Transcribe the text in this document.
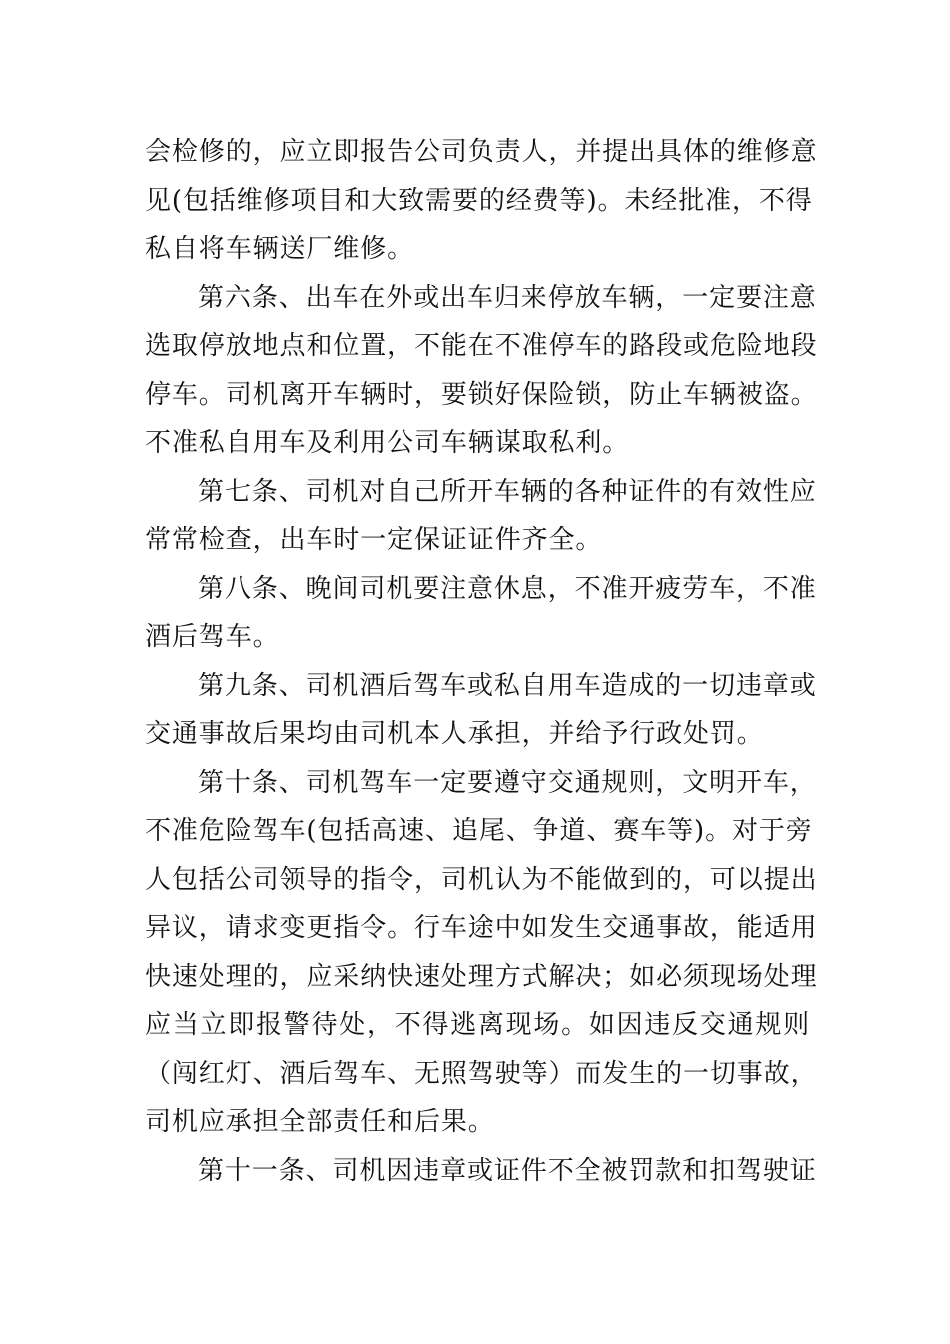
会检修的，应立即报告公司负责人，并提出具体的维修意
见(包括维修项目和大致需要的经费等)。未经批准，不得
私自将车辆送厂维修。
第六条、出车在外或出车归来停放车辆，一定要注意
选取停放地点和位置，不能在不准停车的路段或危险地段
停车。司机离开车辆时，要锁好保险锁，防止车辆被盗。
不准私自用车及利用公司车辆谋取私利。
第七条、司机对自己所开车辆的各种证件的有效性应
常常检查，出车时一定保证证件齐全。
第八条、晚间司机要注意休息，不准开疲劳车，不准
酒后驾车。
第九条、司机酒后驾车或私自用车造成的一切违章或
交通事故后果均由司机本人承担，并给予行政处罚。
第十条、司机驾车一定要遵守交通规则，文明开车，
不准危险驾车(包括高速、追尾、争道、赛车等)。对于旁
人包括公司领导的指令，司机认为不能做到的，可以提出
异议，请求变更指令。行车途中如发生交通事故，能适用
快速处理的，应采纳快速处理方式解决；如必须现场处理
应当立即报警待处，不得逃离现场。如因违反交通规则
（闯红灯、酒后驾车、无照驾驶等）而发生的一切事故，
司机应承担全部责任和后果。
第十一条、司机因违章或证件不全被罚款和扣驾驶证
